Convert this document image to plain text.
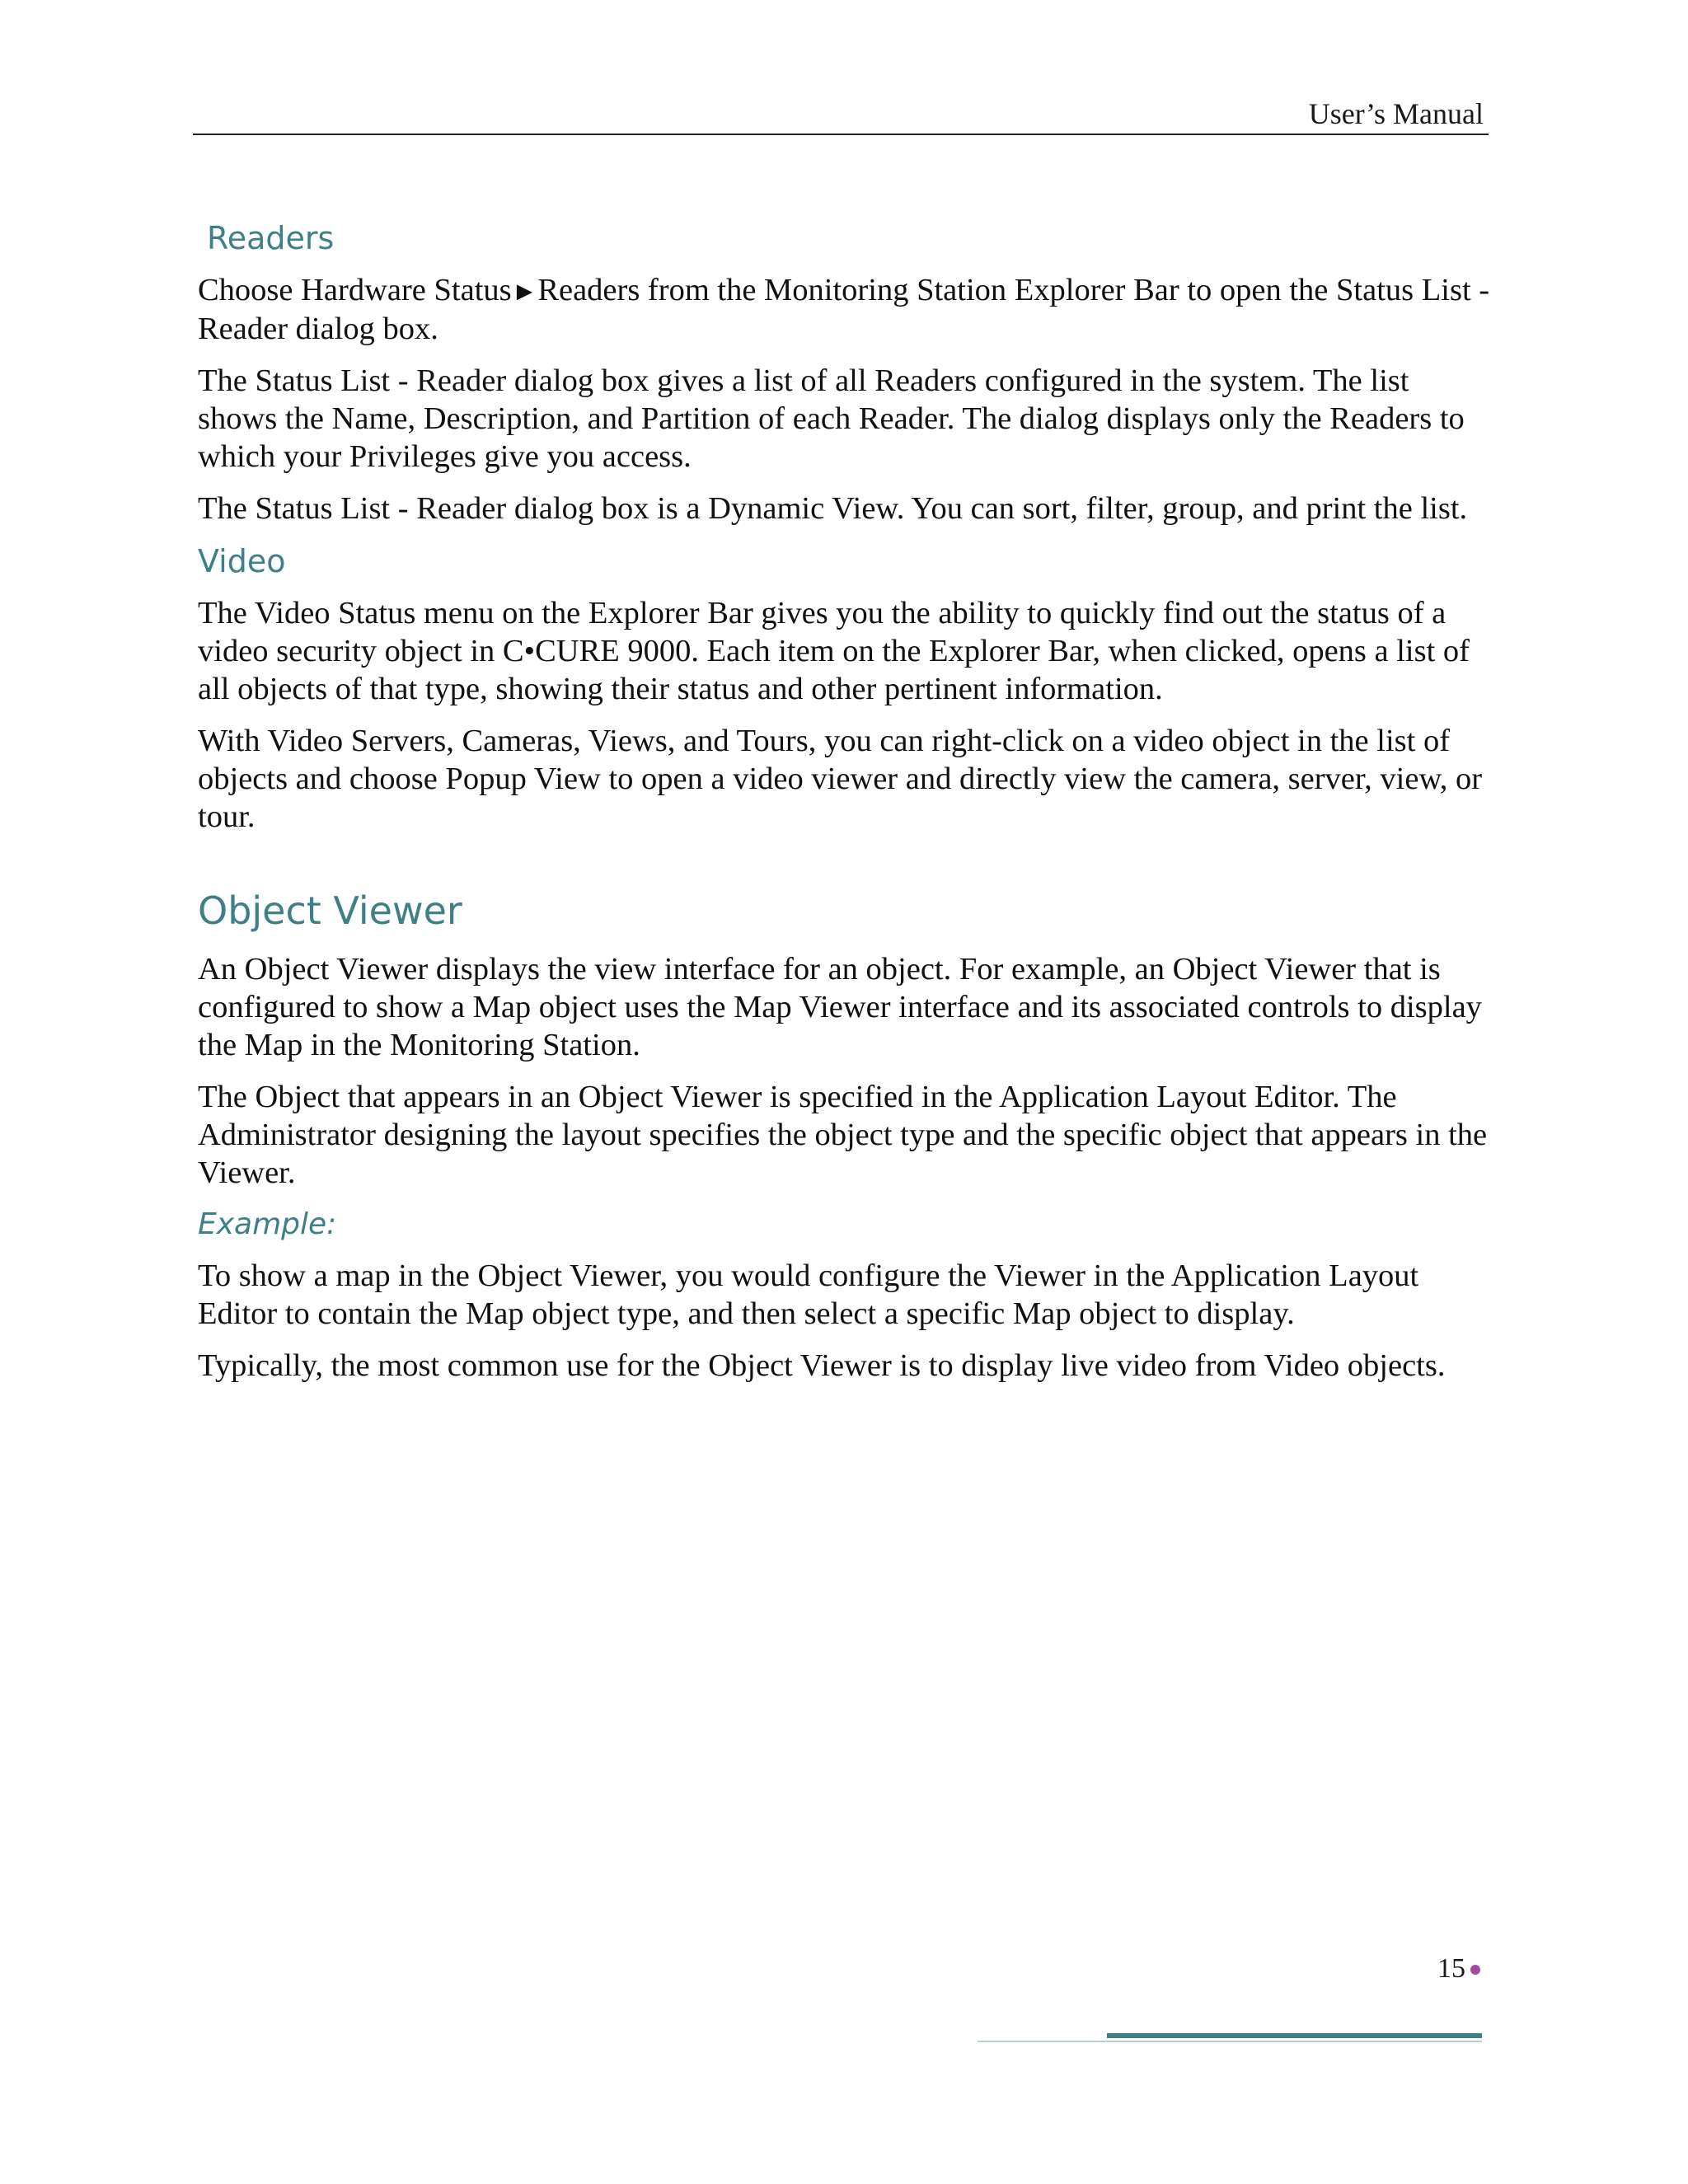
User’s Manual
Readers

Choose Hardware Status►Readers from the Monitoring Station Explorer Bar to open the Status List - Reader dialog box.

The Status List - Reader dialog box gives a list of all Readers configured in the system. The list shows the Name, Description, and Partition of each Reader. The dialog displays only the Readers to which your Privileges give you access.

The Status List - Reader dialog box is a Dynamic View. You can sort, filter, group, and print the list.

Video

The Video Status menu on the Explorer Bar gives you the ability to quickly find out the status of a video security object in C•CURE 9000. Each item on the Explorer Bar, when clicked, opens a list of all objects of that type, showing their status and other pertinent information.

With Video Servers, Cameras, Views, and Tours, you can right-click on a video object in the list of objects and choose Popup View to open a video viewer and directly view the camera, server, view, or tour.

Object Viewer

An Object Viewer displays the view interface for an object. For example, an Object Viewer that is configured to show a Map object uses the Map Viewer interface and its associated controls to display the Map in the Monitoring Station.

The Object that appears in an Object Viewer is specified in the Application Layout Editor. The Administrator designing the layout specifies the object type and the specific object that appears in the Viewer.

Example:

To show a map in the Object Viewer, you would configure the Viewer in the Application Layout Editor to contain the Map object type, and then select a specific Map object to display.

Typically, the most common use for the Object Viewer is to display live video from Video objects.

15
